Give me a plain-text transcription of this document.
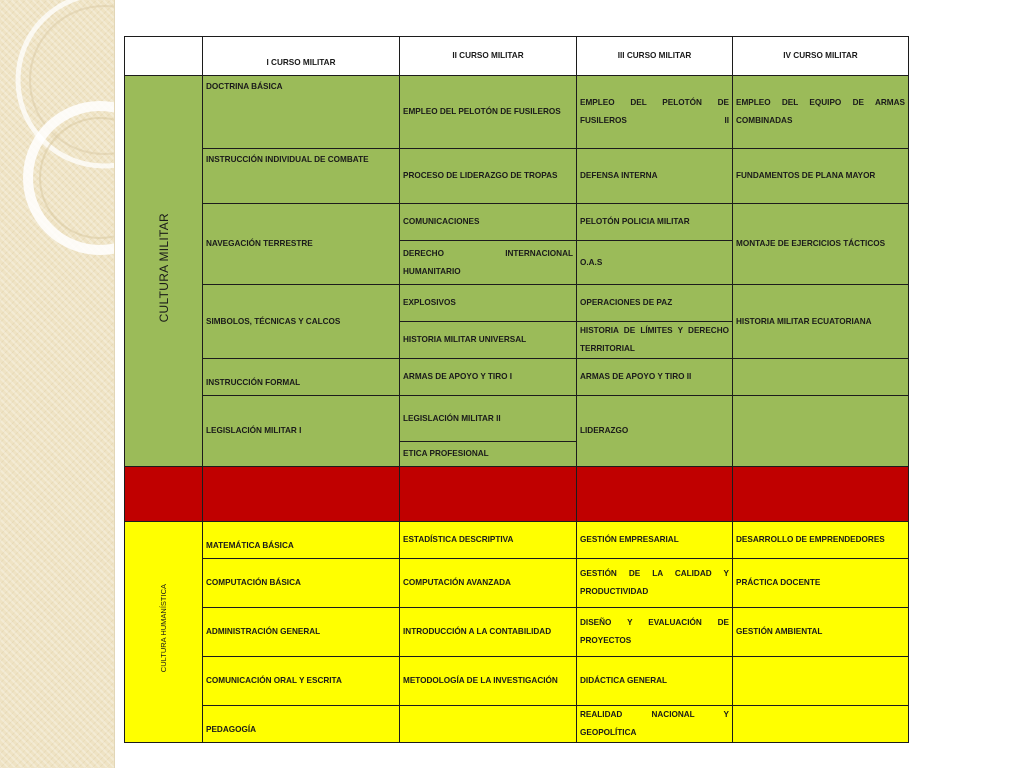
	I CURSO MILITAR	II CURSO MILITAR	III CURSO MILITAR	IV CURSO MILITAR
CULTURA MILITAR	DOCTRINA BÁSICA	EMPLEO DEL PELOTÓN DE FUSILEROS	EMPLEO DEL PELOTÓN DE FUSILEROS II	EMPLEO DEL EQUIPO DE ARMAS COMBINADAS
	INSTRUCCIÓN INDIVIDUAL DE COMBATE	PROCESO DE LIDERAZGO DE TROPAS	DEFENSA INTERNA	FUNDAMENTOS DE PLANA MAYOR
	NAVEGACIÓN TERRESTRE	COMUNICACIONES	PELOTÓN POLICIA MILITAR	MONTAJE DE EJERCICIOS TÁCTICOS
		DERECHO INTERNACIONAL HUMANITARIO	O.A.S	
	SIMBOLOS, TÉCNICAS Y CALCOS	EXPLOSIVOS	OPERACIONES DE PAZ	HISTORIA MILITAR ECUATORIANA
		HISTORIA MILITAR UNIVERSAL	HISTORIA DE LÍMITES Y DERECHO TERRITORIAL	
	INSTRUCCIÓN FORMAL	ARMAS DE APOYO Y TIRO I	ARMAS DE APOYO Y TIRO II	
	LEGISLACIÓN MILITAR I	LEGISLACIÓN MILITAR II	LIDERAZGO	
		ETICA PROFESIONAL		
	ENTRENAMIENTO FÍSICO MILITAR I	ENTRENAMIENTO FÍSICO MILITAR II	ENTRENAMIENTO FÍSICO MILITAR III	ENTRENAMIENTO FÍSICO MILITAR IV
CULTURA HUMANÍSTICA	MATEMÁTICA BÁSICA	ESTADÍSTICA DESCRIPTIVA	GESTIÓN EMPRESARIAL	DESARROLLO DE EMPRENDEDORES
	COMPUTACIÓN BÁSICA	COMPUTACIÓN AVANZADA	GESTIÓN DE LA CALIDAD Y PRODUCTIVIDAD	PRÁCTICA DOCENTE
	ADMINISTRACIÓN GENERAL	INTRODUCCIÓN A LA CONTABILIDAD	DISEÑO Y EVALUACIÓN DE PROYECTOS	GESTIÓN AMBIENTAL
	COMUNICACIÓN ORAL Y ESCRITA	METODOLOGÍA DE LA INVESTIGACIÓN	DIDÁCTICA GENERAL	
	PEDAGOGÍA		REALIDAD NACIONAL Y GEOPOLÍTICA	
